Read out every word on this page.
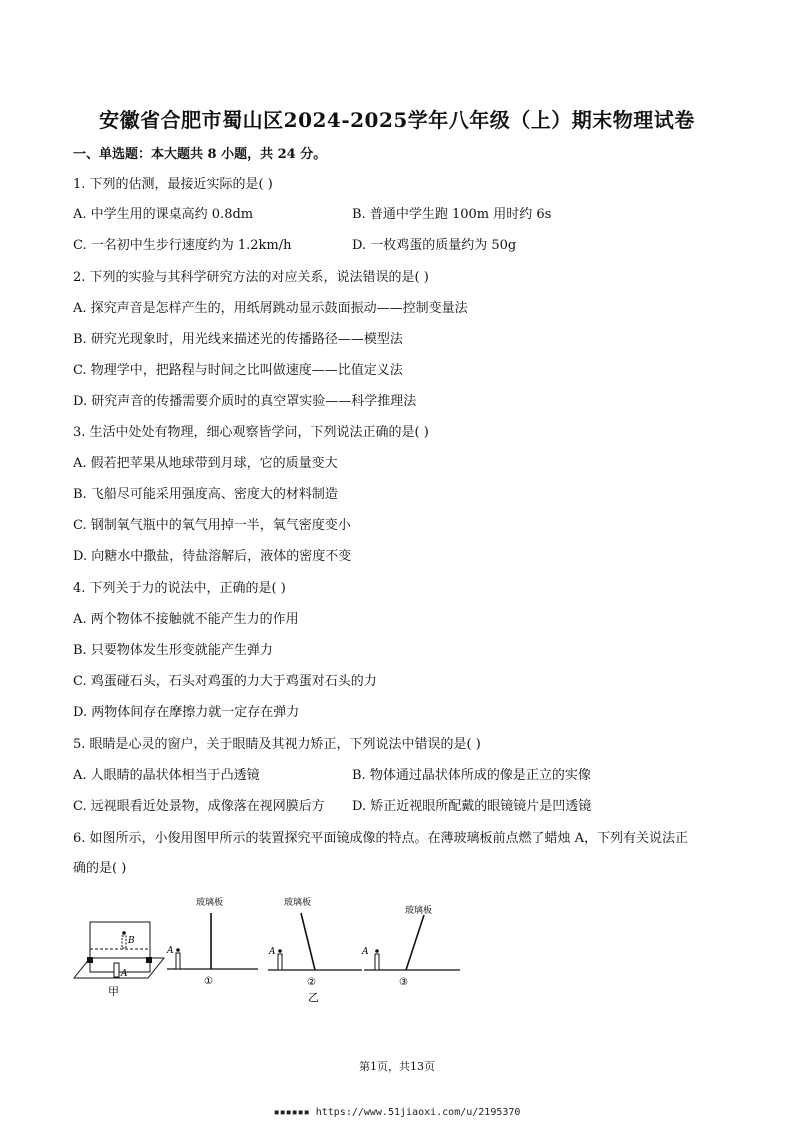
安徽省合肥市蜀山区2024-2025学年八年级（上）期末物理试卷
一、单选题：本大题共 8 小题，共 24 分。
1. 下列的估测，最接近实际的是( )
A. 中学生用的课桌高约 0.8dm	B. 普通中学生跑 100m 用时约 6s
C. 一名初中生步行速度约为 1.2km/h	D. 一枚鸡蛋的质量约为 50g
2. 下列的实验与其科学研究方法的对应关系，说法错误的是( )
A. 探究声音是怎样产生的，用纸屑跳动显示鼓面振动——控制变量法
B. 研究光现象时，用光线来描述光的传播路径——模型法
C. 物理学中，把路程与时间之比叫做速度——比值定义法
D. 研究声音的传播需要介质时的真空罩实验——科学推理法
3. 生活中处处有物理，细心观察皆学问，下列说法正确的是( )
A. 假若把苹果从地球带到月球，它的质量变大
B. 飞船尽可能采用强度高、密度大的材料制造
C. 钢制氧气瓶中的氧气用掉一半，氧气密度变小
D. 向糖水中撒盐，待盐溶解后，液体的密度不变
4. 下列关于力的说法中，正确的是( )
A. 两个物体不接触就不能产生力的作用
B. 只要物体发生形变就能产生弹力
C. 鸡蛋碰石头，石头对鸡蛋的力大于鸡蛋对石头的力
D. 两物体间存在摩擦力就一定存在弹力
5. 眼睛是心灵的窗户，关于眼睛及其视力矫正，下列说法中错误的是( )
A. 人眼睛的晶状体相当于凸透镜	B. 物体通过晶状体所成的像是正立的实像
C. 远视眼看近处景物，成像落在视网膜后方 D. 矫正近视眼所配戴的眼镜镜片是凹透镜
6. 如图所示，小俊用图甲所示的装置探究平面镜成像的特点。在薄玻璃板前点燃了蜡烛 A，下列有关说法正
确的是( )
A
B
甲
玻璃板
A
①
玻璃板
A
②
乙
玻璃板
A
③
第1页，共13页
▪▪▪▪▪▪ https://www.51jiaoxi.com/u/2195370
